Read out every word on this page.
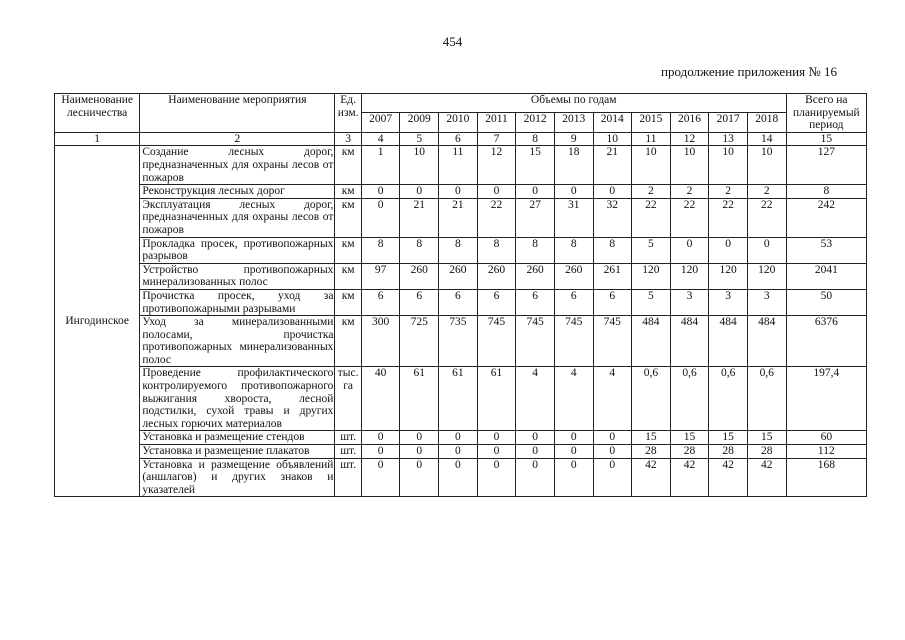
454
продолжение приложения № 16
Наименование лесничества	Наименование мероприятия	Ед. изм.	Объемы по годам											Всего на планируемый период
			2007	2009	2010	2011	2012	2013	2014	2015	2016	2017	2018	
1	2	3	4	5	6	7	8	9	10	11	12	13	14	15
Ингодинское	Создание лесных дорог, предназначенных для охраны лесов от пожаров	км	1	10	11	12	15	18	21	10	10	10	10	127
	Реконструкция лесных дорог	км	0	0	0	0	0	0	0	2	2	2	2	8
	Эксплуатация лесных дорог, предназначенных для охраны лесов от пожаров	км	0	21	21	22	27	31	32	22	22	22	22	242
	Прокладка просек, противопожарных разрывов	км	8	8	8	8	8	8	8	5	0	0	0	53
	Устройство противопожарных минерализованных полос	км	97	260	260	260	260	260	261	120	120	120	120	2041
	Прочистка просек, уход за противопожарными разрывами	км	6	6	6	6	6	6	6	5	3	3	3	50
	Уход за минерализованными полосами, прочистка противопожарных минерализованных полос	км	300	725	735	745	745	745	745	484	484	484	484	6376
	Проведение профилактического контролируемого противопожарного выжигания хвороста, лесной подстилки, сухой травы и других лесных горючих материалов	тыс. га	40	61	61	61	4	4	4	0,6	0,6	0,6	0,6	197,4
	Установка и размещение стендов	шт.	0	0	0	0	0	0	0	15	15	15	15	60
	Установка и размещение плакатов	шт.	0	0	0	0	0	0	0	28	28	28	28	112
	Установка и размещение объявлений (аншлагов) и других знаков и указателей	шт.	0	0	0	0	0	0	0	42	42	42	42	168
